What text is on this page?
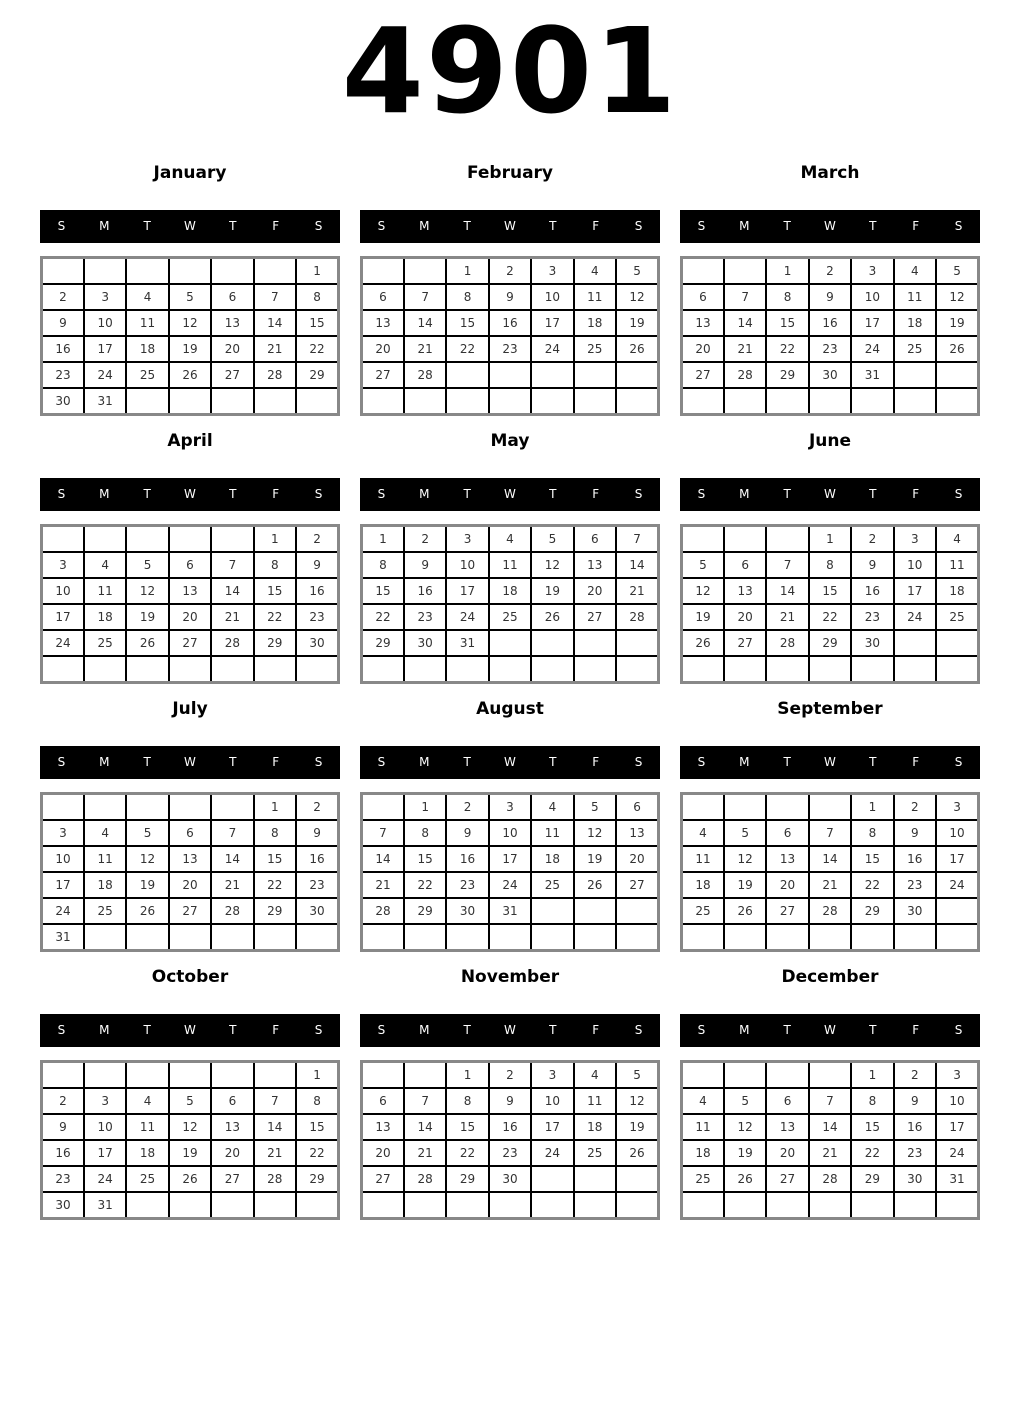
4901
January
S	M	T	W	T	F	S
						1
2	3	4	5	6	7	8
9	10	11	12	13	14	15
16	17	18	19	20	21	22
23	24	25	26	27	28	29
30	31					
February
S	M	T	W	T	F	S
		1	2	3	4	5
6	7	8	9	10	11	12
13	14	15	16	17	18	19
20	21	22	23	24	25	26
27	28					

March
S	M	T	W	T	F	S
		1	2	3	4	5
6	7	8	9	10	11	12
13	14	15	16	17	18	19
20	21	22	23	24	25	26
27	28	29	30	31		

April
S	M	T	W	T	F	S
					1	2
3	4	5	6	7	8	9
10	11	12	13	14	15	16
17	18	19	20	21	22	23
24	25	26	27	28	29	30

May
S	M	T	W	T	F	S
1	2	3	4	5	6	7
8	9	10	11	12	13	14
15	16	17	18	19	20	21
22	23	24	25	26	27	28
29	30	31				

June
S	M	T	W	T	F	S
			1	2	3	4
5	6	7	8	9	10	11
12	13	14	15	16	17	18
19	20	21	22	23	24	25
26	27	28	29	30		

July
S	M	T	W	T	F	S
					1	2
3	4	5	6	7	8	9
10	11	12	13	14	15	16
17	18	19	20	21	22	23
24	25	26	27	28	29	30
31						
August
S	M	T	W	T	F	S
	1	2	3	4	5	6
7	8	9	10	11	12	13
14	15	16	17	18	19	20
21	22	23	24	25	26	27
28	29	30	31			

September
S	M	T	W	T	F	S
				1	2	3
4	5	6	7	8	9	10
11	12	13	14	15	16	17
18	19	20	21	22	23	24
25	26	27	28	29	30	

October
S	M	T	W	T	F	S
						1
2	3	4	5	6	7	8
9	10	11	12	13	14	15
16	17	18	19	20	21	22
23	24	25	26	27	28	29
30	31					
November
S	M	T	W	T	F	S
		1	2	3	4	5
6	7	8	9	10	11	12
13	14	15	16	17	18	19
20	21	22	23	24	25	26
27	28	29	30			

December
S	M	T	W	T	F	S
				1	2	3
4	5	6	7	8	9	10
11	12	13	14	15	16	17
18	19	20	21	22	23	24
25	26	27	28	29	30	31
